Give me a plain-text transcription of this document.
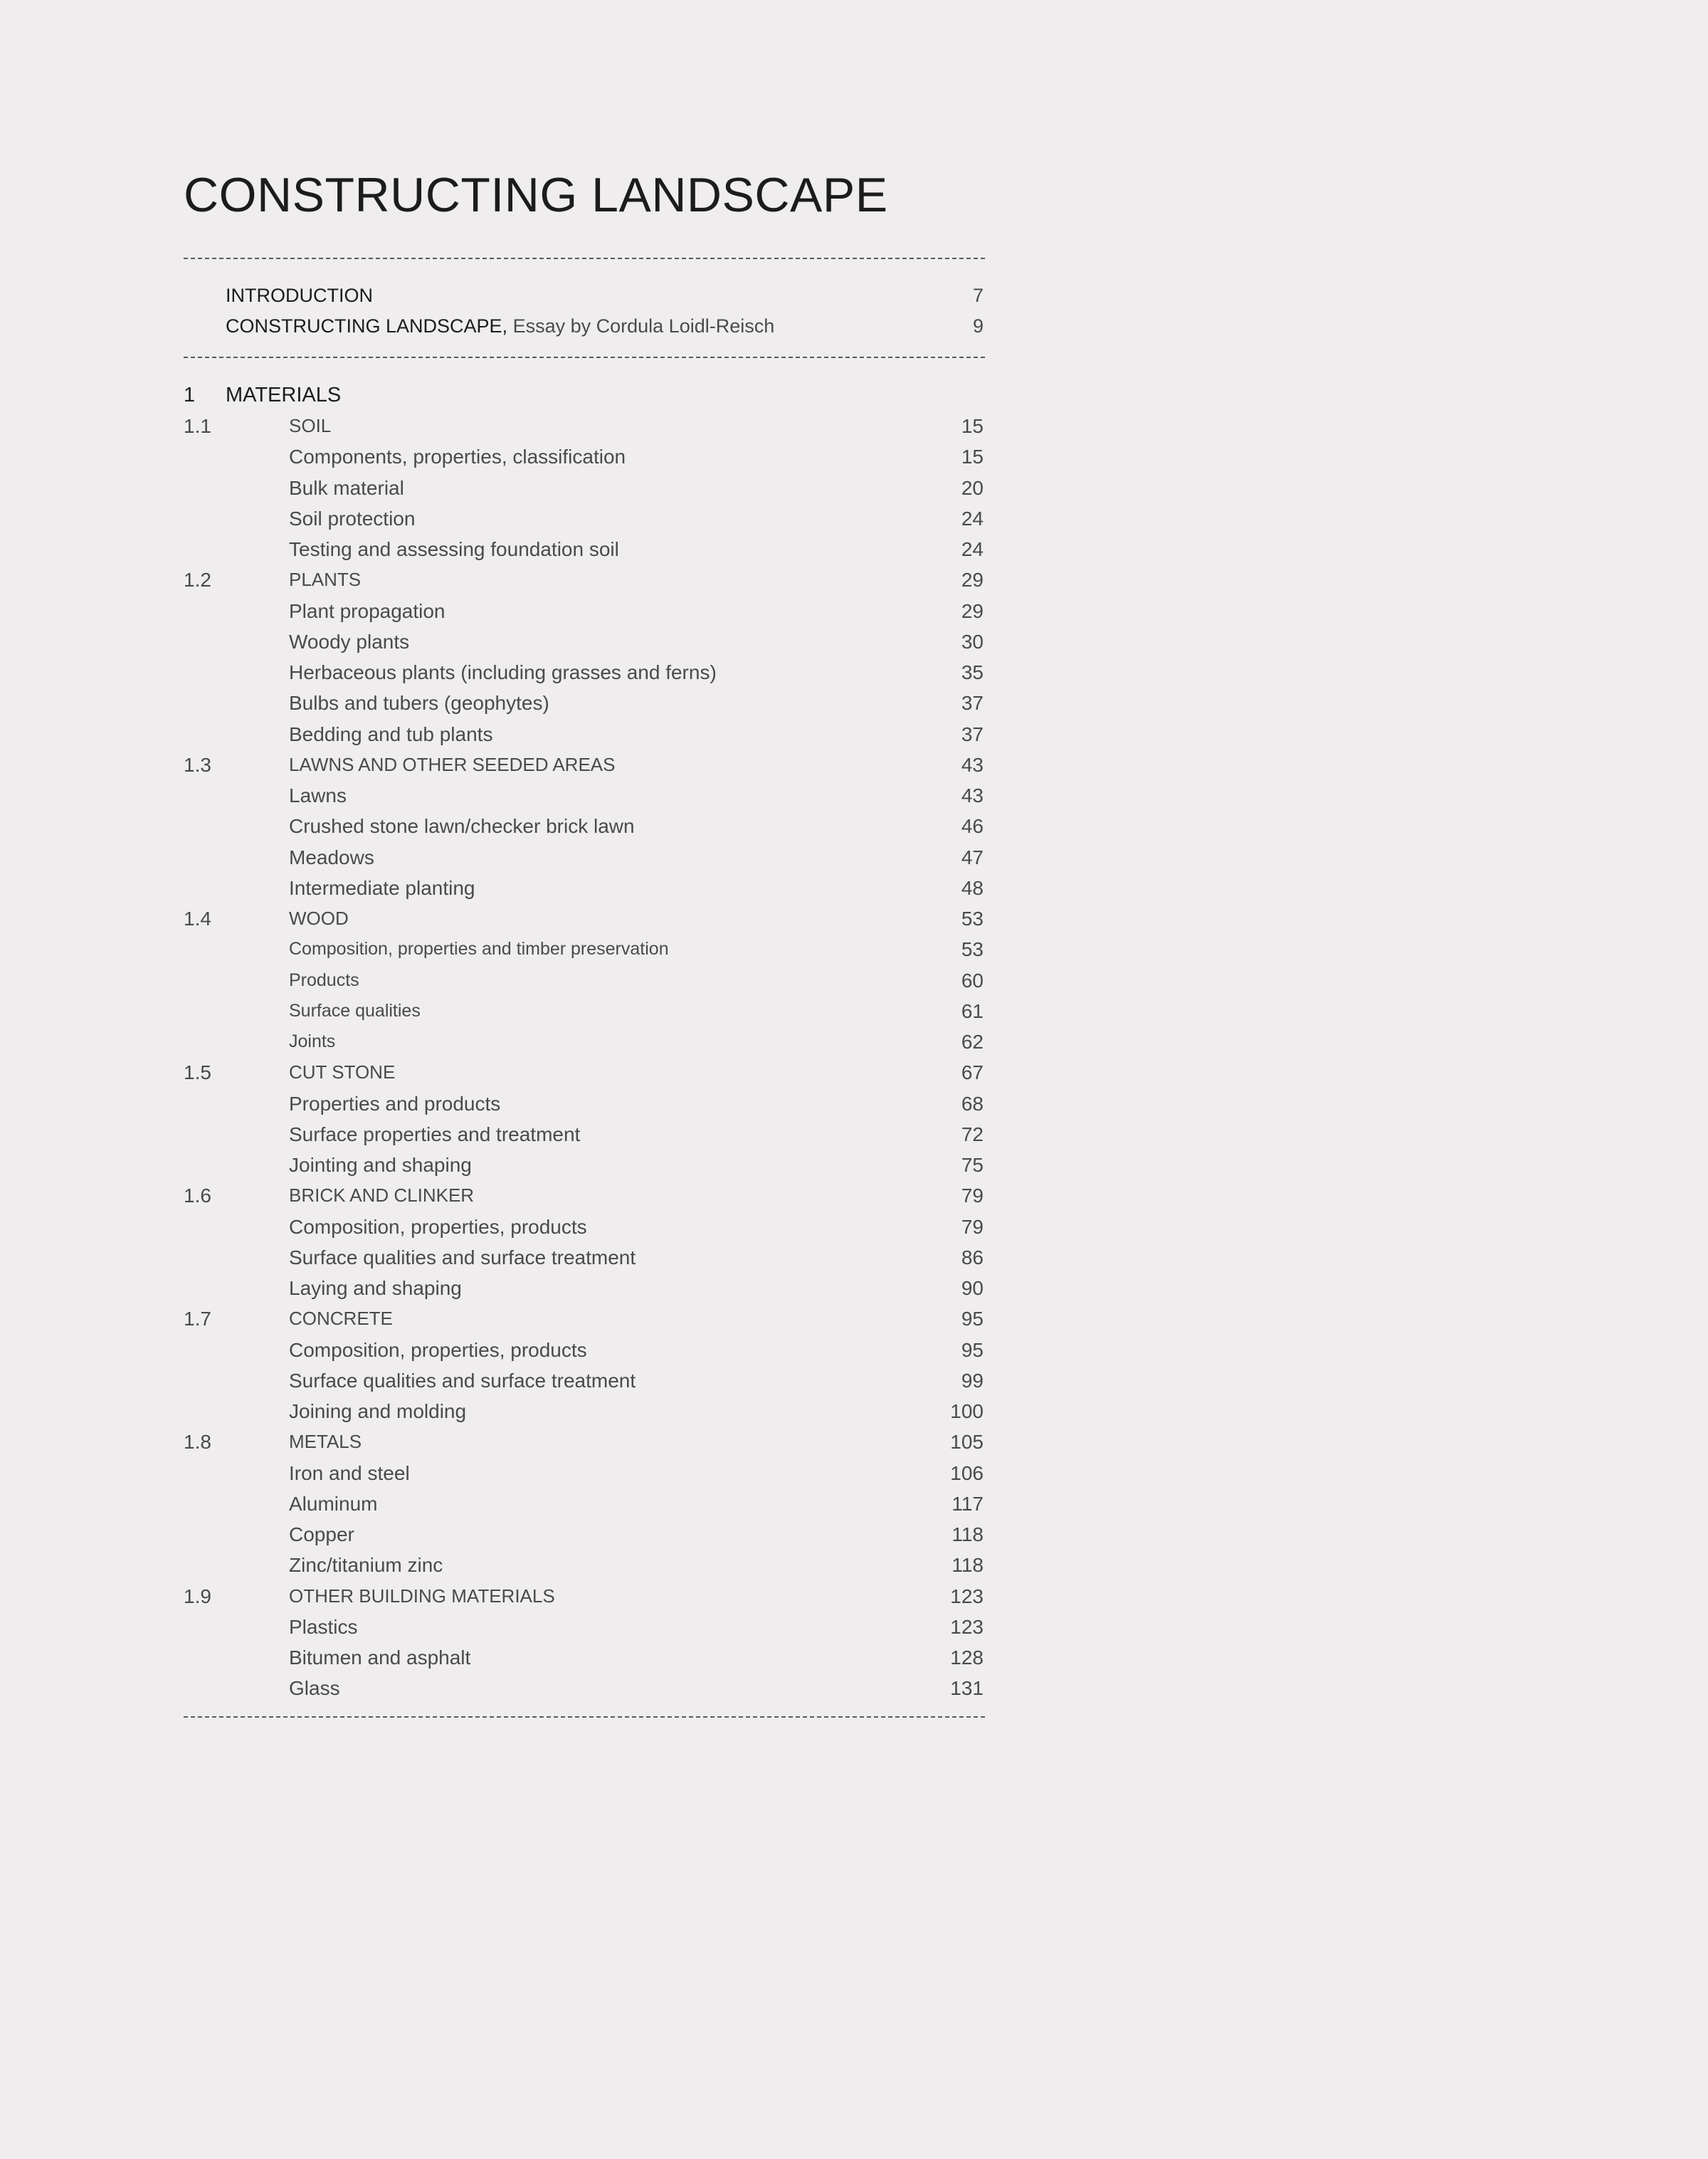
CONSTRUCTING LANDSCAPE
INTRODUCTION	7
CONSTRUCTING LANDSCAPE, Essay by Cordula Loidl-Reisch	9
1 MATERIALS
1.1	SOIL	15
Components, properties, classification	15
Bulk material	20
Soil protection	24
Testing and assessing foundation soil	24
1.2	PLANTS	29
Plant propagation	29
Woody plants	30
Herbaceous plants (including grasses and ferns)	35
Bulbs and tubers (geophytes)	37
Bedding and tub plants	37
1.3	LAWNS AND OTHER SEEDED AREAS	43
Lawns	43
Crushed stone lawn/checker brick lawn	46
Meadows	47
Intermediate planting	48
1.4	WOOD	53
Composition, properties and timber preservation	53
Products	60
Surface qualities	61
Joints	62
1.5	CUT STONE	67
Properties and products	68
Surface properties and treatment	72
Jointing and shaping	75
1.6	BRICK AND CLINKER	79
Composition, properties, products	79
Surface qualities and surface treatment	86
Laying and shaping	90
1.7	CONCRETE	95
Composition, properties, products	95
Surface qualities and surface treatment	99
Joining and molding	100
1.8	METALS	105
Iron and steel	106
Aluminum	117
Copper	118
Zinc/titanium zinc	118
1.9	OTHER BUILDING MATERIALS	123
Plastics	123
Bitumen and asphalt	128
Glass	131
